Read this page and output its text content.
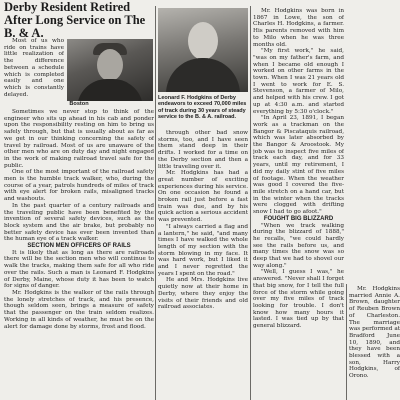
Derby Resident Retired After Long Service on The B. & A.

Most of us who ride on trains have little realization of the difference between a schedule which is completed easily and one which is constantly delayed.

Boston

Sometimes we never stop to think of the engineer who sits up ahead in his cab and ponder upon the responsibility resting on him to bring us safely through, but that is usually about as far as we get in our thinking concerning the safety of travel by railroad. Most of us are unaware of the other men who are on duty day and night engaged in the work of making railroad travel safe for the public.

One of the most important of the railroad safety men is the humble track walker, who, during the course of a year, patrols hundreds of miles of track with eye alert for broken rails, misaligned tracks and washouts.

In the past quarter of a century railroads and the traveling public have been benefited by the invention of several safety devices, such as the block system and the air brake, but probably no better safety device has ever been invented than the human eye of a track walker.

SECTION MEN OFFICERS OF RAILS

It is likely that as long as there are railroads there will be the section men who will continue to walk the tracks, making them safe for all who ride over the rails. Such a man is Leonard F. Hodgkins of Derby, Maine, whose duty it has been to watch for signs of danger.

Mr. Hodgkins is the walker of the rails through the lonely stretches of track, and his presence, though seldom seen, brings a measure of safety that the passenger on the train seldom realizes. Working in all kinds of weather, he must be on the alert for damage done by storms, frost and flood.

Leonard F. Hodgkins of Derby endeavors to exceed 70,000 miles of track during 30 years of steady service to the B. & A. railroad.

through other bad snow storms, too, and I have seen them stand deep in their drifts. I worked for a time on the Derby section and then a little traveling over it.

Mr. Hodgkins has had a great number of exciting experiences during his service. On one occasion he found a broken rail just before a fast train was due, and by his quick action a serious accident was prevented.

"I always carried a flag and a lantern," he said, "and many times I have walked the whole length of my section with the storm blowing in my face. It was hard work, but I liked it and I never regretted the years I spent on the road."

He and Mrs. Hodgkins live quietly now at their home in Derby, where they enjoy the visits of their friends and old railroad associates.

Mr. Hodgkins was born in 1867 in Lowe, the son of Charles H. Hodgkins, a farmer. His parents removed with him to Milo when he was three months old.

"My first work," he said, "was on my father's farm, and when I became old enough I worked on other farms in the town. When I was 21 years old I went to work for E. S. Stevenson, a farmer of Milo, and helped with his crew. I got up at 4:30 a.m. and started everything by 5:30 o'clock."

"In April 23, 1891, I began work as a trackman on the Bangor & Piscataquis railroad, which was later absorbed by the Bangor & Aroostook. My job was to inspect five miles of track each day, and for 33 years, until my retirement, I did my daily stint of five miles of footage. When the weather was good I covered the five-mile stretch on a hand car, but in the winter when the tracks were clogged with drifting snow I had to go afoot."

FOUGHT BIG BLIZZARD

"When we track walking during the blizzard of 1888," he recalls, "we could hardly see the rails before us, and many times the snow was so deep that we had to shovel our way along."

"Well, I guess I was," he answered. "Never shall I forget that big snow, for I tell the full force of the storm while going over my five miles of track looking for trouble. I don't know how many hours it lasted. I was tied up by that general blizzard.

Mr. Hodgkins married Annie A. Brown, daughter of Reuben Brown of Charleston. The marriage was performed at Bradford June 10, 1890, and they have been blessed with a son, Harry Hodgkins, of Orono.
